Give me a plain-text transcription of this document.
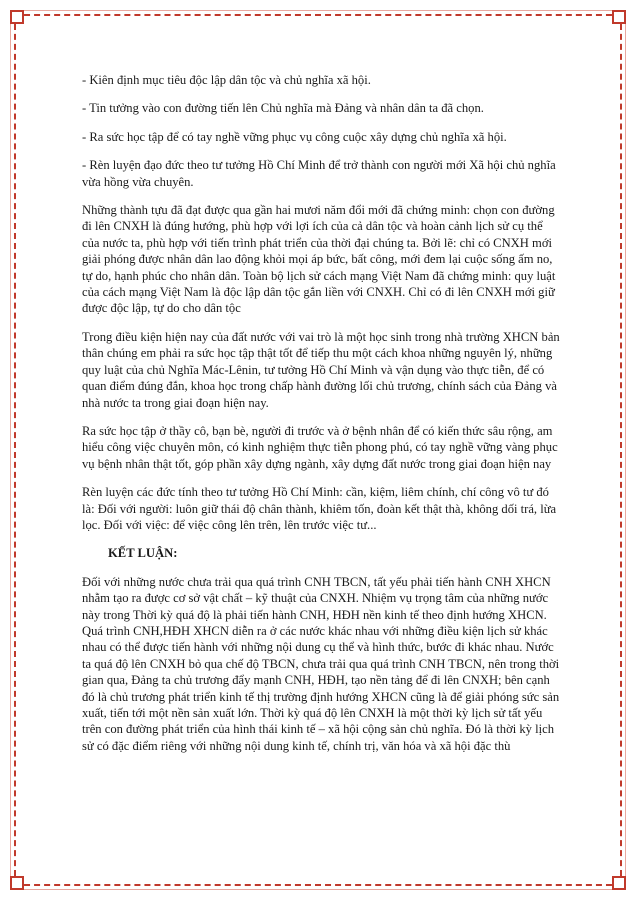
- Kiên định mục tiêu độc lập dân tộc và chủ nghĩa xã hội.

- Tin tưởng vào con đường tiến lên Chủ nghĩa mà Đảng và nhân dân ta đã chọn.

- Ra sức học tập để có tay nghề vững phục vụ công cuộc xây dựng chủ nghĩa xã hội.

- Rèn luyện đạo đức theo tư tưởng Hồ Chí Minh để trở thành con người mới Xã hội chủ nghĩa vừa hồng vừa chuyên.

Những thành tựu đã đạt được qua gần hai mươi năm đổi mới đã chứng minh: chọn con đường đi lên CNXH là đúng hướng, phù hợp với lợi ích của cả dân tộc và hoàn cảnh lịch sử cụ thể của nước ta, phù hợp với tiến trình phát triển của thời đại chúng ta. Bởi lẽ: chỉ có CNXH mới giải phóng được nhân dân lao động khỏi mọi áp bức, bất công, mới đem lại cuộc sống ấm no, tự do, hạnh phúc cho nhân dân. Toàn bộ lịch sử cách mạng Việt Nam đã chứng minh: quy luật của cách mạng Việt Nam là độc lập dân tộc gắn liền với CNXH. Chỉ có đi lên CNXH mới giữ được độc lập, tự do cho dân tộc

Trong điều kiện hiện nay của đất nước với vai trò là một học sinh trong nhà trường XHCN bản thân chúng em phải ra sức học tập thật tốt để tiếp thu một cách khoa những nguyên lý, những quy luật của chủ Nghĩa Mác-Lênin, tư tưởng Hồ Chí Minh và vận dụng vào thực tiễn, để có quan điểm đúng đắn, khoa học trong chấp hành đường lối chủ trương, chính sách của Đảng và nhà nước ta trong giai đoạn hiện nay.

Ra sức học tập ở thầy cô, bạn bè, người đi trước và ở bệnh nhân để có kiến thức sâu rộng, am hiểu công việc chuyên môn, có kinh nghiệm thực tiễn phong phú, có tay nghề vững vàng phục vụ bệnh nhân thật tốt, góp phần xây dựng ngành, xây dựng đất nước trong giai đoạn hiện nay

Rèn luyện các đức tính theo tư tưởng Hồ Chí Minh: cần, kiệm, liêm chính, chí công vô tư đó là: Đối với người: luôn giữ thái độ chân thành, khiêm tốn, đoàn kết thật thà, không dối trá, lừa lọc. Đối với việc: để việc công lên trên, lên trước việc tư...

KẾT LUẬN:

Đối với những nước chưa trải qua quá trình CNH TBCN, tất yếu phải tiến hành CNH XHCN nhằm tạo ra được cơ sở vật chất – kỹ thuật của CNXH. Nhiệm vụ trọng tâm của những nước này trong Thời kỳ quá độ là phải tiến hành CNH, HĐH nền kinh tế theo định hướng XHCN. Quá trình CNH,HĐH XHCN diễn ra ở các nước khác nhau với những điều kiện lịch sử khác nhau có thể được tiến hành với những nội dung cụ thể và hình thức, bước đi khác nhau. Nước ta quá độ lên CNXH bỏ qua chế độ TBCN, chưa trải qua quá trình CNH TBCN, nên trong thời gian qua, Đảng ta chủ trương đẩy mạnh CNH, HĐH, tạo nền tảng để đi lên CNXH; bên cạnh đó là chủ trương phát triển kinh tế thị trường định hướng XHCN cũng là để giải phóng sức sản xuất, tiến tới một nền sản xuất lớn. Thời kỳ quá độ lên CNXH là một thời kỳ lịch sử tất yếu trên con đường phát triển của hình thái kinh tế – xã hội cộng sản chủ nghĩa. Đó là thời kỳ lịch sử có đặc điểm riêng với những nội dung kinh tế, chính trị, văn hóa và xã hội đặc thù
